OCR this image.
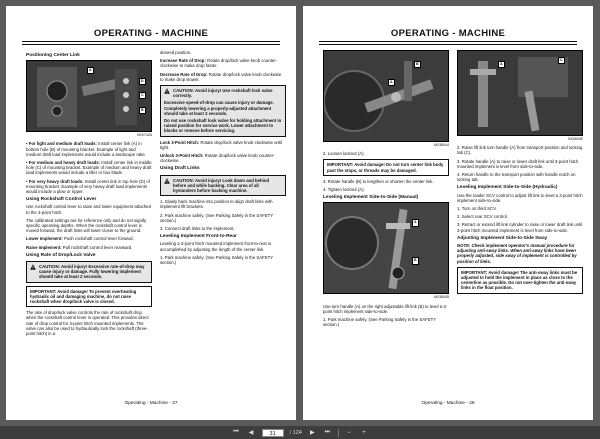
OPERATING - MACHINE
Positioning Center Link
A
B
C
D
NX0742A
• For light and medium draft loads: Install center link (A) in bottom hole (B) of mounting bracket. Example of light and medium draft load implements would include a landscape rake.
• For medium and heavy draft loads: Install center link in middle hole (C) of mounting bracket. Example of medium and heavy draft load implements would include a tiller or box blade.
• For very heavy draft loads: Install center link in top hole (D) of mounting bracket. Example of very heavy draft load implements would include a plow or ripper.
Using Rockshaft Control Lever

Use rockshaft control lever to raise and lower equipment attached to the 3-point hitch.

The calibrated settings are for reference only and do not signify specific operating depths. When the rockshaft control lever is moved forward, the draft links will lower closer to the ground.

Lower Implement: Push rockshaft control lever forward.

Raise Implement: Pull rockshaft control lever rearward.

Using Rate of Drop/Lock Valve
CAUTION: Avoid injury! Excessive rate-of-drop may cause injury or damage. Fully lowering implement should take at least 2 seconds.
IMPORTANT: Avoid damage! To prevent overheating hydraulic oil and damaging machine, do not raise rockshaft when drop/lock valve is closed.

The rate of drop/lock valve controls the rate of rockshaft drop when the rockshaft control lever is operated. This provides direct rate of drop control for 3-point hitch mounted implements. The valve can also be used to hydraulically lock the rockshaft (three-point hitch) in a

desired position.

Increase Rate of Drop: Rotate drop/lock valve knob counter-clockwise to make drop faster.

Decrease Rate of Drop: Rotate drop/lock valve knob clockwise to make drop slower.

CAUTION: Avoid injury! Use rockshaft lock valve correctly.
Excessive speed-of-drop can cause injury or damage. Completely lowering a properly-adjusted attachment should take at least 2 seconds.
Do not use rockshaft lock valve for holding attachment in raised position for service work. Lower attachment to blocks or remove before servicing.

Lock 3-Point Hitch: Rotate drop/lock valve knob clockwise until tight.

Unlock 3-Point Hitch: Rotate drop/lock valve knob counter-clockwise.

Using Draft Links
CAUTION: Avoid injury! Look down and behind before and while backing. Clear area of all bystanders before backing machine.

1. Slowly back machine into position to align draft links with implement lift brackets.

2. Park machine safely. (See Parking Safely in the SAFETY section.)

3. Connect draft links to the implement.

Leveling Implement Front-to-Rear

Leveling a 3-point hitch mounted implement front-to-rear is accomplished by adjusting the length of the center link.

1. Park machine safely. (See Parking Safely in the SAFETY section.)

Operating - Machine - 27
OPERATING - MACHINE
A
B
MX38044

2. Loosen locknut (A).

IMPORTANT: Avoid damage! Do not turn center link body past the stops, or threads may be damaged.

3. Rotate handle (B) to lengthen or shorten the center link.

4. Tighten locknut (A).

Leveling Implement Side-to-Side (Manual)
A
B
MX38045

Use turn handle (A) on the right adjustable lift link (B) to level a 3-point hitch implement side-to-side.

1. Park machine safely. (See Parking Safely in the SAFETY section.)

A
C
NX0604E

2. Raise lift link turn handle (A) from transport position and locking tab (C).

3. Rotate handle (A) to raise or lower draft link until 3-point hitch mounted implement is level from side-to-side.

4. Return handle to the transport position with handle notch on locking tab.

Leveling Implement Side-to-Side (Hydraulic)

Use the loader SCV control to adjust lift link to level a 3-point hitch implement side-to-side.

1. Turn on third SCV.

2. Select rear SCV control.

3. Retract or extend lift link cylinder to raise or lower draft link until 3-point hitch mounted implement is level from side-to-side.

Adjusting Implement Side-to-Side Sway

NOTE: Check implement operator's manual procedure for adjusting anti-sway links. When anti-sway links have been properly adjusted, side sway of implement is controlled by position of links.

IMPORTANT: Avoid damage! The anti-sway links must be adjusted to hold the implement in place as close to the centerline as possible. Do not over-tighten the anti-sway links in the float position.
Operating - Machine - 28
⏮	◀	31	/ 124	▶	⏭	−	+
